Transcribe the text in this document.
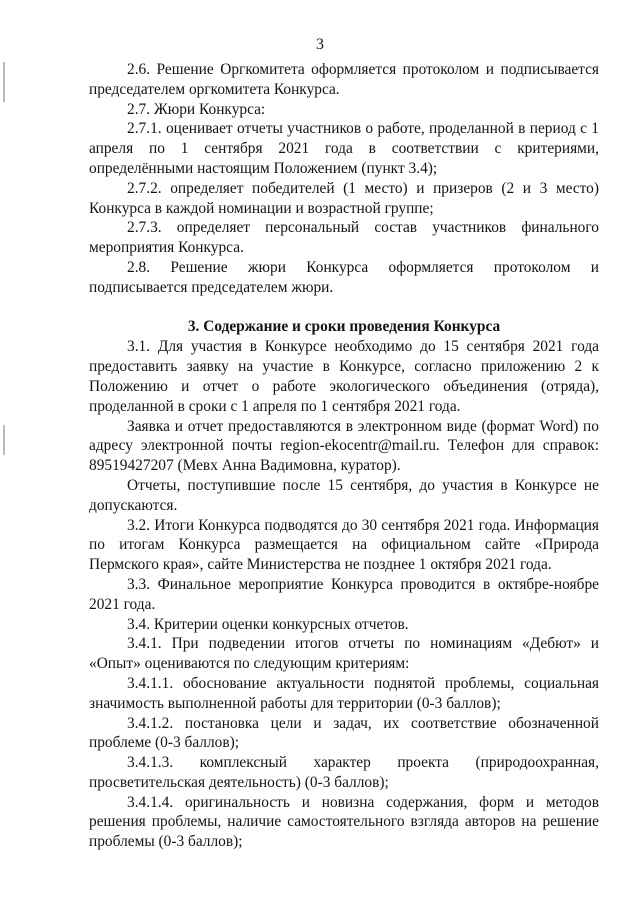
3

2.6. Решение Оргкомитета оформляется протоколом и подписывается председателем оргкомитета Конкурса.

2.7. Жюри Конкурса:

2.7.1. оценивает отчеты участников о работе, проделанной в период с 1 апреля по 1 сентября 2021 года в соответствии с критериями, определёнными настоящим Положением (пункт 3.4);

2.7.2. определяет победителей (1 место) и призеров (2 и 3 место) Конкурса в каждой номинации и возрастной группе;

2.7.3. определяет персональный состав участников финального мероприятия Конкурса.

2.8. Решение жюри Конкурса оформляется протоколом и подписывается председателем жюри.

3. Содержание и сроки проведения Конкурса

3.1. Для участия в Конкурсе необходимо до 15 сентября 2021 года предоставить заявку на участие в Конкурсе, согласно приложению 2 к Положению и отчет о работе экологического объединения (отряда), проделанной в сроки с 1 апреля по 1 сентября 2021 года.

Заявка и отчет предоставляются в электронном виде (формат Word) по адресу электронной почты region-ekocentr@mail.ru. Телефон для справок: 89519427207 (Мевх Анна Вадимовна, куратор).

Отчеты, поступившие после 15 сентября, до участия в Конкурсе не допускаются.

3.2. Итоги Конкурса подводятся до 30 сентября 2021 года. Информация по итогам Конкурса размещается на официальном сайте «Природа Пермского края», сайте Министерства не позднее 1 октября 2021 года.

3.3. Финальное мероприятие Конкурса проводится в октябре-ноябре 2021 года.

3.4. Критерии оценки конкурсных отчетов.

3.4.1. При подведении итогов отчеты по номинациям «Дебют» и «Опыт» оцениваются по следующим критериям:

3.4.1.1. обоснование актуальности поднятой проблемы, социальная значимость выполненной работы для территории (0-3 баллов);

3.4.1.2. постановка цели и задач, их соответствие обозначенной проблеме (0-3 баллов);

3.4.1.3. комплексный характер проекта (природоохранная, просветительская деятельность) (0-3 баллов);

3.4.1.4. оригинальность и новизна содержания, форм и методов решения проблемы, наличие самостоятельного взгляда авторов на решение проблемы (0-3 баллов);
